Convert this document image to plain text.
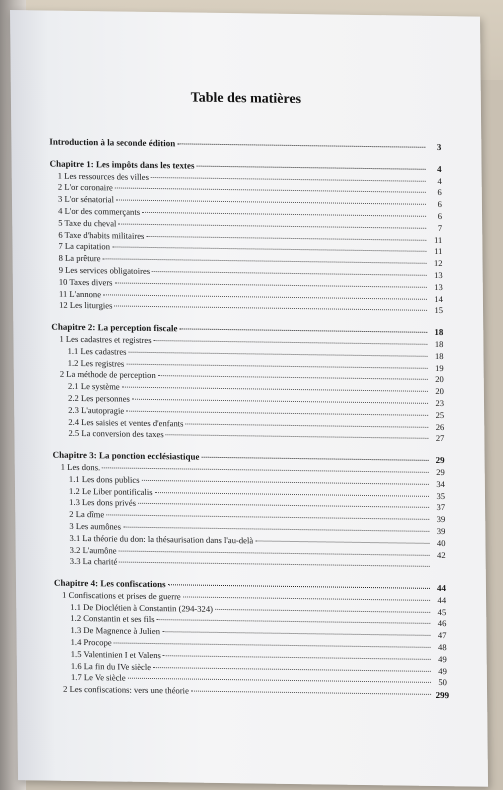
Table des matières
Introduction à la seconde édition	3
Chapitre 1: Les impôts dans les textes	4
1 Les ressources des villes	4
2 L'or coronaire	6
3 L'or sénatorial	6
4 L'or des commerçants	6
5 Taxe du cheval	7
6 Taxe d'habits militaires	11
7 La capitation	11
8 La prêture	12
9 Les services obligatoires	13
10 Taxes divers	13
11 L'annone	14
12 Les liturgies	15
Chapitre 2: La perception fiscale	18
1 Les cadastres et registres	18
1.1 Les cadastres	18
1.2 Les registres	19
2 La méthode de perception	20
2.1 Le système	20
2.2 Les personnes	23
2.3 L'autopragie	25
2.4 Les saisies et ventes d'enfants	26
2.5 La conversion des taxes	27
Chapitre 3: La ponction ecclésiastique	29
1 Les dons.	29
1.1 Les dons publics	34
1.2 Le Liber pontificalis	35
1.3 Les dons privés	37
2 La dîme	39
3 Les aumônes	39
3.1 La théorie du don: la thésaurisation dans l'au-delà	40
3.2 L'aumône	42
3.3 La charité
Chapitre 4: Les confiscations	44
1 Confiscations et prises de guerre	44
1.1 De Dioclétien à Constantin (294-324)	45
1.2 Constantin et ses fils	46
1.3 De Magnence à Julien	47
1.4 Procope	48
1.5 Valentinien I et Valens	49
1.6 La fin du IVe siècle	49
1.7 Le Ve siècle	50
2 Les confiscations: vers une théorie	299
